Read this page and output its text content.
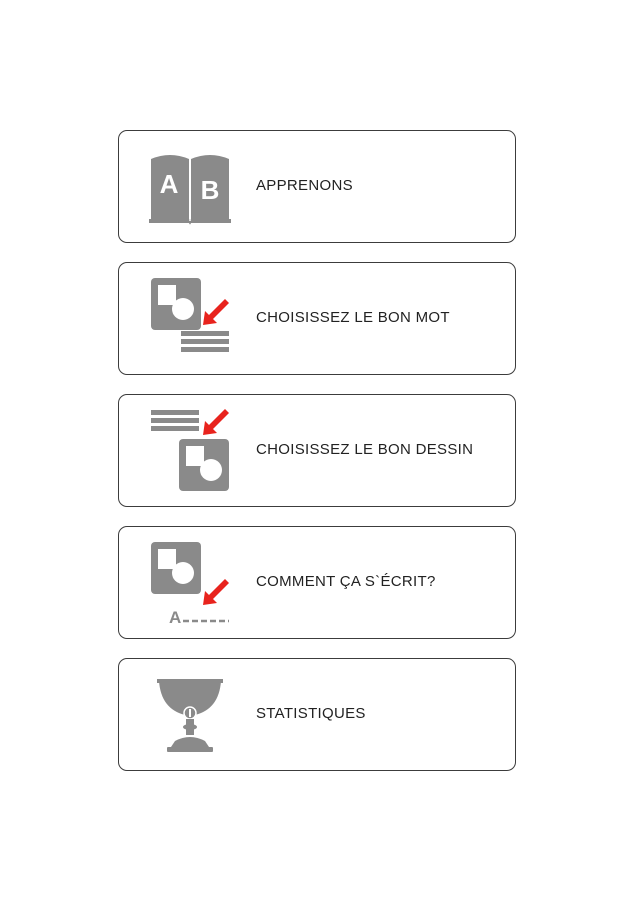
A B APPRENONS
CHOISISSEZ LE BON MOT
CHOISISSEZ LE BON DESSIN
A
COMMENT ÇA S`ÉCRIT?
STATISTIQUES
